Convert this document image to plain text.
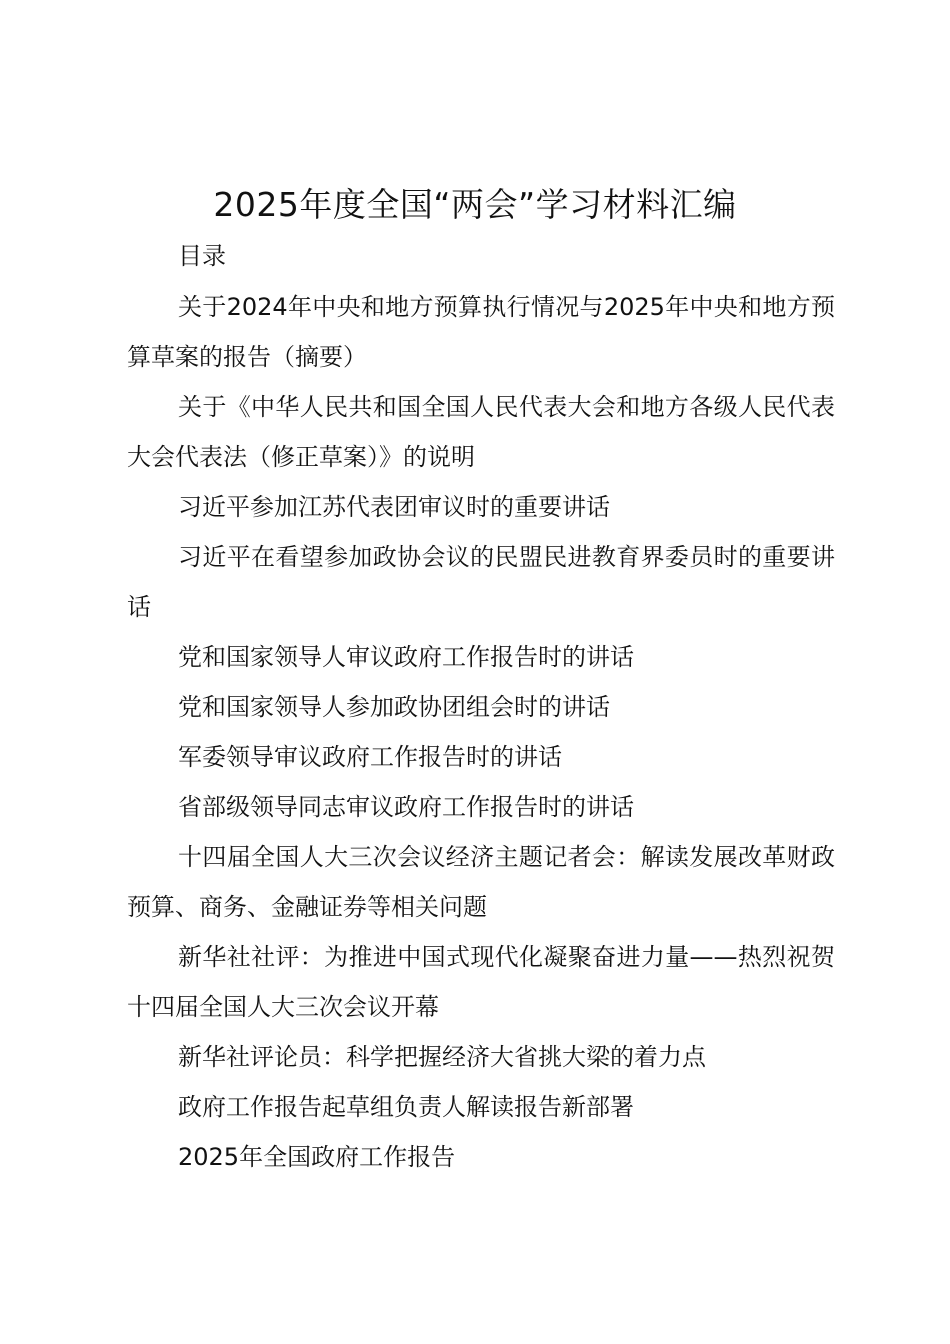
2025年度全国“两会”学习材料汇编
目录
关于2024年中央和地方预算执行情况与2025年中央和地方预算草案的报告（摘要）
关于《中华人民共和国全国人民代表大会和地方各级人民代表大会代表法（修正草案）》的说明
习近平参加江苏代表团审议时的重要讲话
习近平在看望参加政协会议的民盟民进教育界委员时的重要讲话
党和国家领导人审议政府工作报告时的讲话
党和国家领导人参加政协团组会时的讲话
军委领导审议政府工作报告时的讲话
省部级领导同志审议政府工作报告时的讲话
十四届全国人大三次会议经济主题记者会：解读发展改革财政预算、商务、金融证券等相关问题
新华社社评：为推进中国式现代化凝聚奋进力量——热烈祝贺十四届全国人大三次会议开幕
新华社评论员：科学把握经济大省挑大梁的着力点
政府工作报告起草组负责人解读报告新部署
2025年全国政府工作报告
